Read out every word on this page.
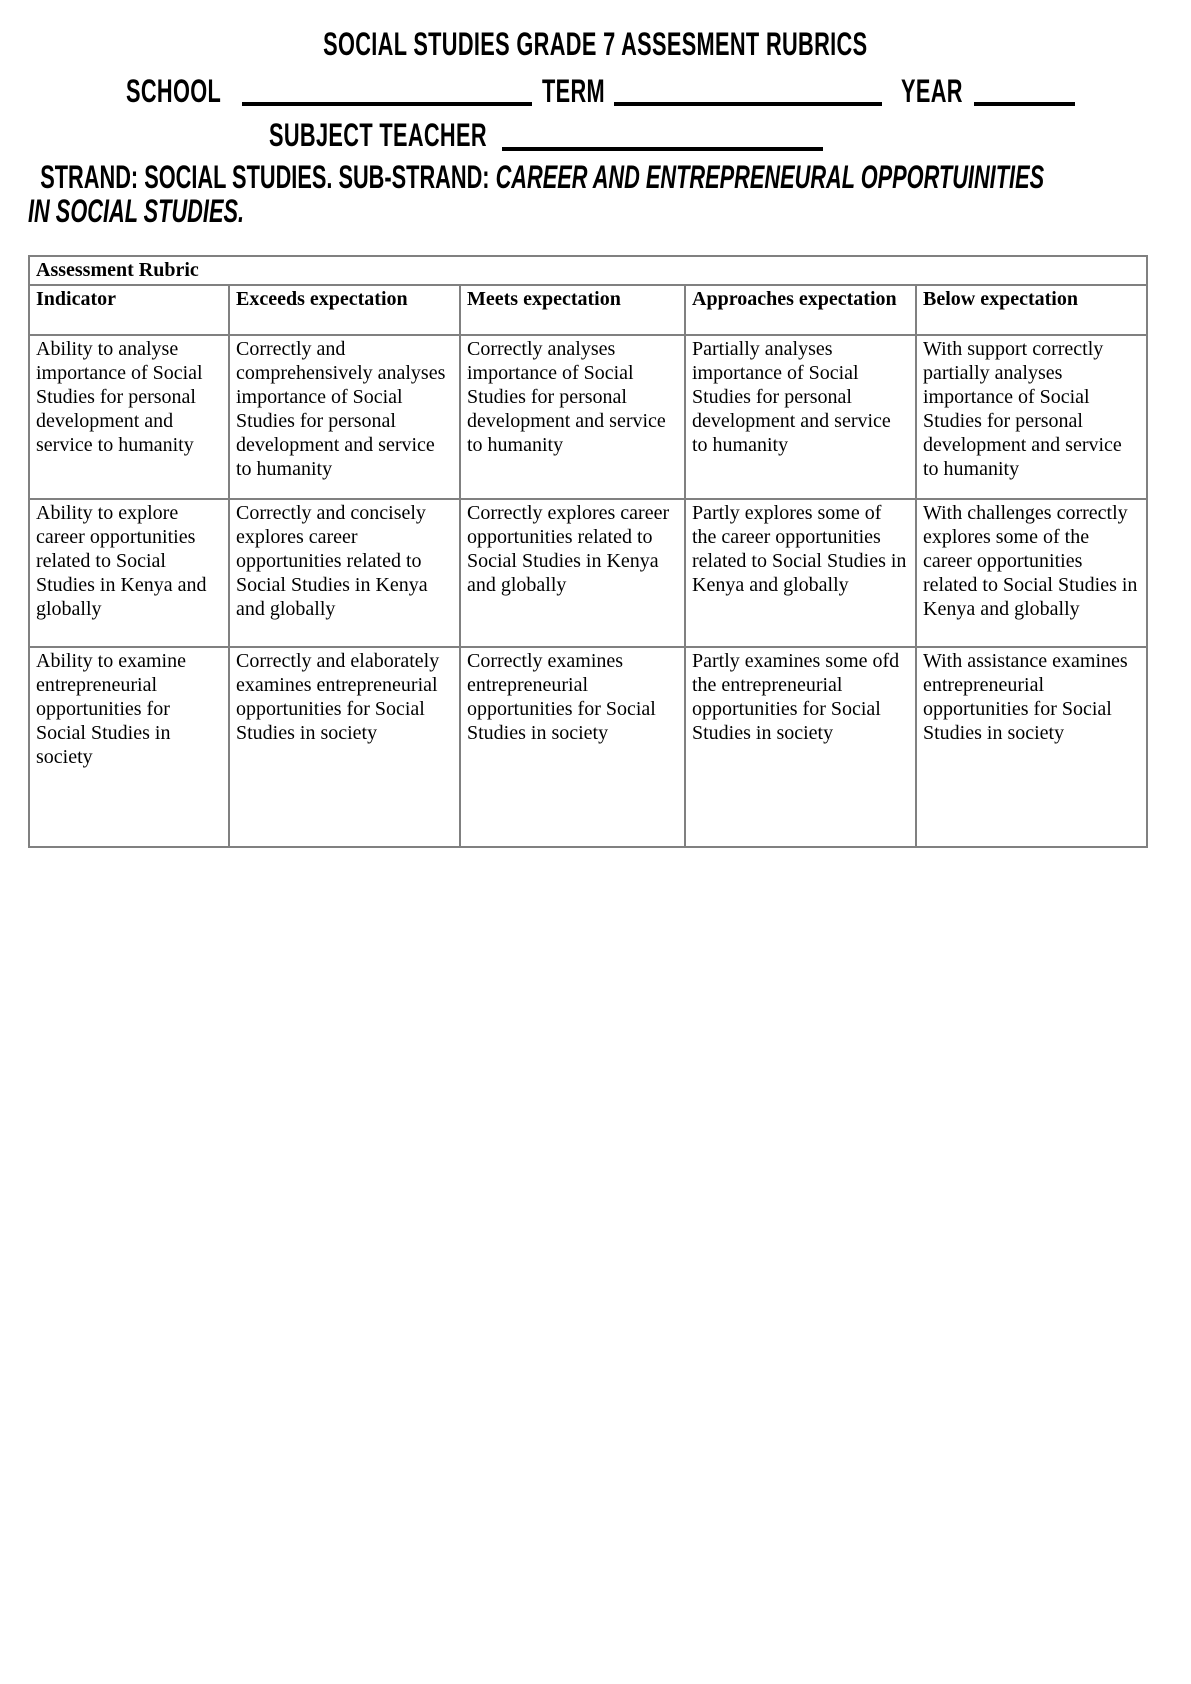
SOCIAL STUDIES GRADE 7 ASSESMENT RUBRICS
SCHOOL	TERM	YEAR
SUBJECT TEACHER
STRAND: SOCIAL STUDIES. SUB-STRAND: CAREER AND ENTREPRENEURAL OPPORTUINITIES IN SOCIAL STUDIES.
Assessment Rubric				
Indicator	Exceeds expectation	Meets expectation	Approaches expectation	Below expectation
Ability to analyse importance of Social Studies for personal development and service to humanity	Correctly and comprehensively analyses importance of Social Studies for personal development and service to humanity	Correctly analyses importance of Social Studies for personal development and service to humanity	Partially analyses importance of Social Studies for personal development and service to humanity	With support correctly partially analyses importance of Social Studies for personal development and service to humanity
Ability to explore career opportunities related to Social Studies in Kenya and globally	Correctly and concisely explores career opportunities related to Social Studies in Kenya and globally	Correctly explores career opportunities related to Social Studies in Kenya and globally	Partly explores some of the career opportunities related to Social Studies in Kenya and globally	With challenges correctly explores some of the career opportunities related to Social Studies in Kenya and globally
Ability to examine entrepreneurial opportunities for Social Studies in society	Correctly and elaborately examines entrepreneurial opportunities for Social Studies in society	Correctly examines entrepreneurial opportunities for Social Studies in society	Partly examines some ofd the entrepreneurial opportunities for Social Studies in society	With assistance examines entrepreneurial opportunities for Social Studies in society
